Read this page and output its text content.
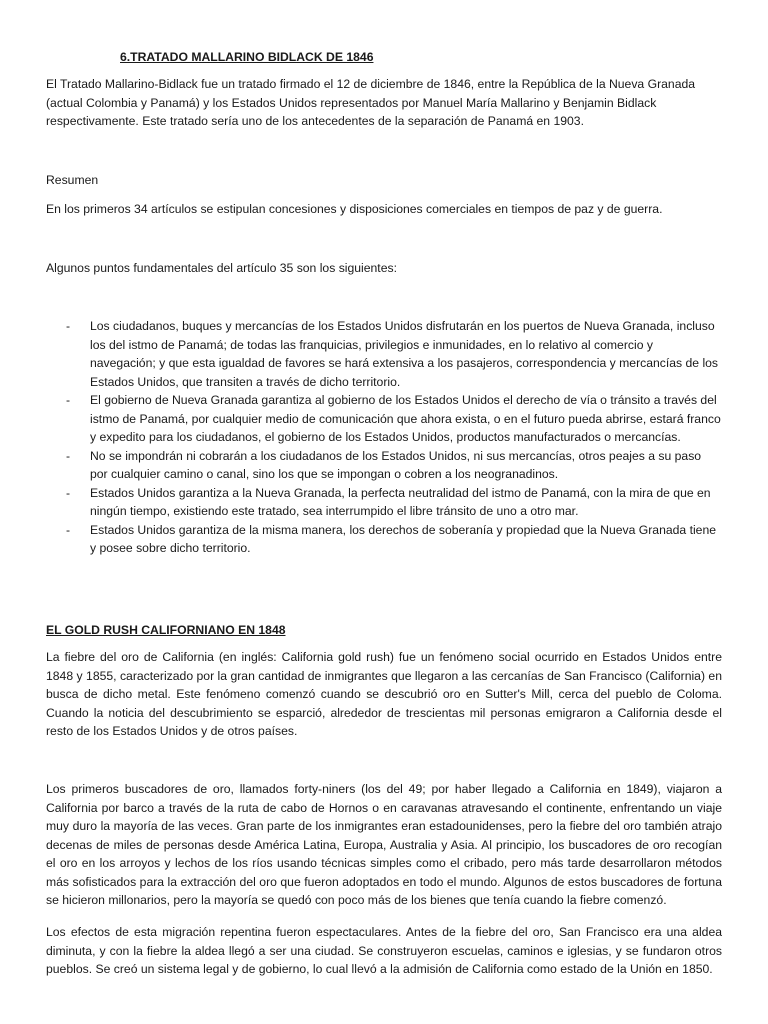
6.TRATADO MALLARINO BIDLACK DE 1846

El Tratado Mallarino-Bidlack fue un tratado firmado el 12 de diciembre de 1846, entre la República de la Nueva Granada (actual Colombia y Panamá) y los Estados Unidos representados por Manuel María Mallarino y Benjamin Bidlack respectivamente. Este tratado sería uno de los antecedentes de la separación de Panamá en 1903.

Resumen

En los primeros 34 artículos se estipulan concesiones y disposiciones comerciales en tiempos de paz y de guerra.

Algunos puntos fundamentales del artículo 35 son los siguientes:

- Los ciudadanos, buques y mercancías de los Estados Unidos disfrutarán en los puertos de Nueva Granada, incluso los del istmo de Panamá; de todas las franquicias, privilegios e inmunidades, en lo relativo al comercio y navegación; y que esta igualdad de favores se hará extensiva a los pasajeros, correspondencia y mercancías de los Estados Unidos, que transiten a través de dicho territorio.
- El gobierno de Nueva Granada garantiza al gobierno de los Estados Unidos el derecho de vía o tránsito a través del istmo de Panamá, por cualquier medio de comunicación que ahora exista, o en el futuro pueda abrirse, estará franco y expedito para los ciudadanos, el gobierno de los Estados Unidos, productos manufacturados o mercancías.
- No se impondrán ni cobrarán a los ciudadanos de los Estados Unidos, ni sus mercancías, otros peajes a su paso por cualquier camino o canal, sino los que se impongan o cobren a los neogranadinos.
- Estados Unidos garantiza a la Nueva Granada, la perfecta neutralidad del istmo de Panamá, con la mira de que en ningún tiempo, existiendo este tratado, sea interrumpido el libre tránsito de uno a otro mar.
- Estados Unidos garantiza de la misma manera, los derechos de soberanía y propiedad que la Nueva Granada tiene y posee sobre dicho territorio.
EL GOLD RUSH CALIFORNIANO EN 1848

La fiebre del oro de California (en inglés: California gold rush) fue un fenómeno social ocurrido en Estados Unidos entre 1848 y 1855, caracterizado por la gran cantidad de inmigrantes que llegaron a las cercanías de San Francisco (California) en busca de dicho metal. Este fenómeno comenzó cuando se descubrió oro en Sutter's Mill, cerca del pueblo de Coloma. Cuando la noticia del descubrimiento se esparció, alrededor de trescientas mil personas emigraron a California desde el resto de los Estados Unidos y de otros países.

Los primeros buscadores de oro, llamados forty-niners (los del 49; por haber llegado a California en 1849), viajaron a California por barco a través de la ruta de cabo de Hornos o en caravanas atravesando el continente, enfrentando un viaje muy duro la mayoría de las veces. Gran parte de los inmigrantes eran estadounidenses, pero la fiebre del oro también atrajo decenas de miles de personas desde América Latina, Europa, Australia y Asia. Al principio, los buscadores de oro recogían el oro en los arroyos y lechos de los ríos usando técnicas simples como el cribado, pero más tarde desarrollaron métodos más sofisticados para la extracción del oro que fueron adoptados en todo el mundo. Algunos de estos buscadores de fortuna se hicieron millonarios, pero la mayoría se quedó con poco más de los bienes que tenía cuando la fiebre comenzó.

Los efectos de esta migración repentina fueron espectaculares. Antes de la fiebre del oro, San Francisco era una aldea diminuta, y con la fiebre la aldea llegó a ser una ciudad. Se construyeron escuelas, caminos e iglesias, y se fundaron otros pueblos. Se creó un sistema legal y de gobierno, lo cual llevó a la admisión de California como estado de la Unión en 1850.
